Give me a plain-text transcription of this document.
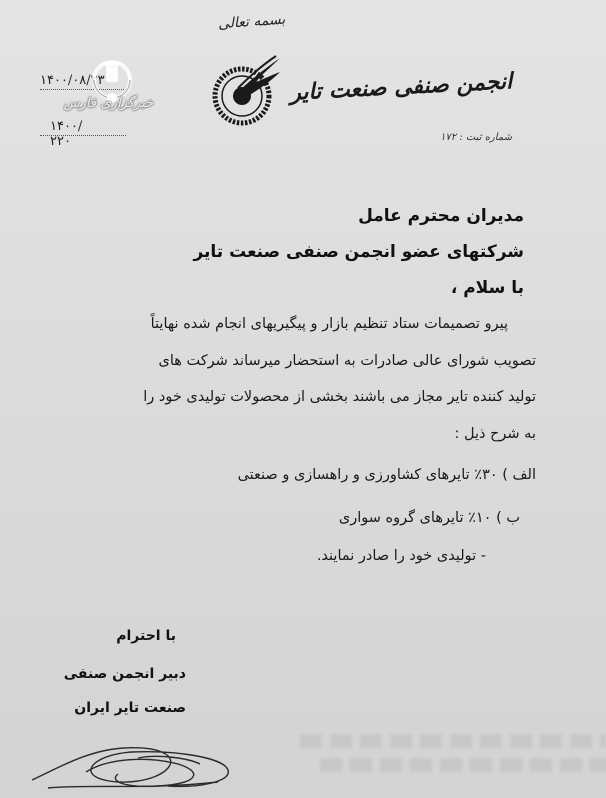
بسمه تعالی
انجمن صنفی صنعت تایر
شماره ثبت : ۱۷۲
۱۴۰۰/۰۸/۲۳
۱۴۰۰/ ۲۲۰
خبرگزاری فارس
مدیران محترم عامل
شرکتهای عضو انجمن صنفی صنعت تایر
با سلام ،
پیرو تصمیمات ستاد تنظیم بازار و پیگیریهای انجام شده نهایتاً
تصویب شورای عالی صادرات به استحضار میرساند شرکت های
تولید کننده تایر مجاز می باشند بخشی از محصولات تولیدی خود را
به شرح ذیل :
الف ) ۳۰٪ تایرهای کشاورزی و راهسازی و صنعتی
ب ) ۱۰٪ تایرهای گروه سواری
- تولیدی خود را صادر نمایند.
با احترام
دبیر انجمن صنفی
صنعت تایر ایران
